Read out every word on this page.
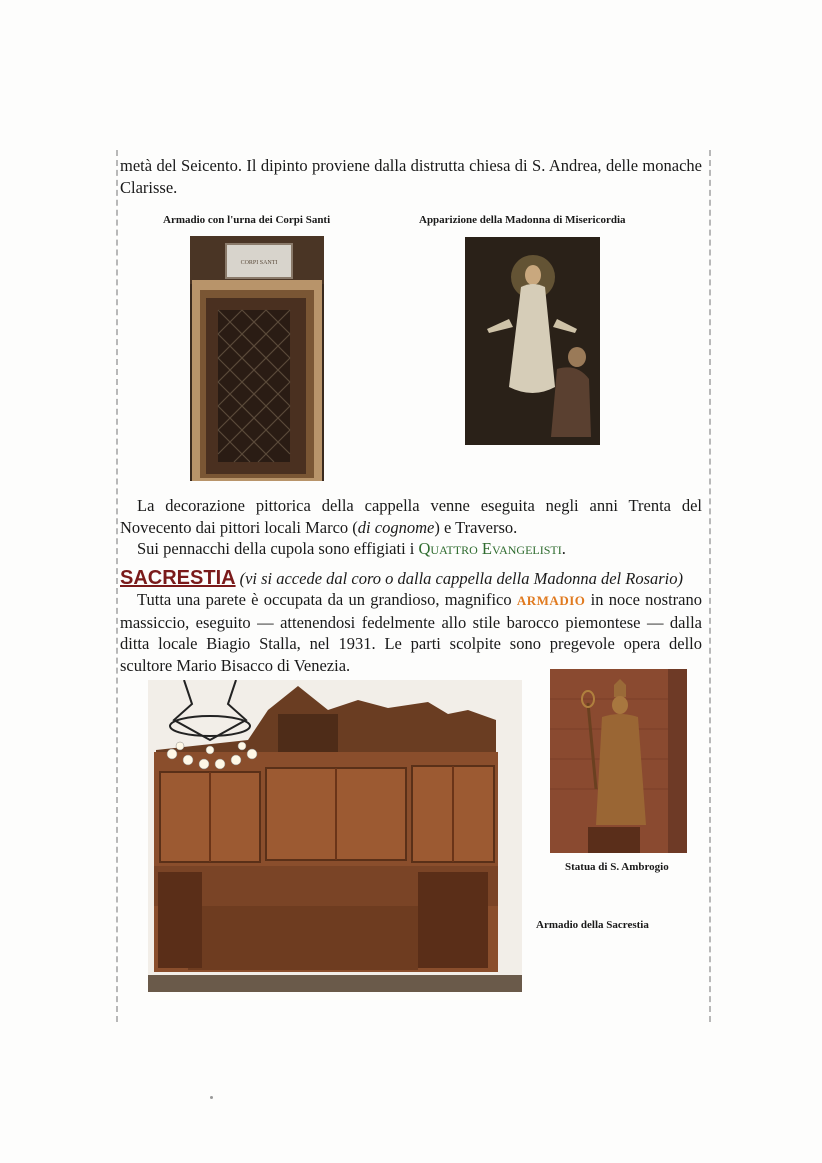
metà del Seicento. Il dipinto proviene dalla distrutta chiesa di S. Andrea, delle monache Clarisse.

Armadio con l'urna dei Corpi Santi	Apparizione della Madonna di Misericordia
CORPI SANTI

La decorazione pittorica della cappella venne eseguita negli anni Trenta del Novecento dai pittori locali Marco (di cognome) e Traverso.

Sui pennacchi della cupola sono effigiati i Quattro Evangelisti.

SACRESTIA (vi si accede dal coro o dalla cappella della Madonna del Rosario)

Tutta una parete è occupata da un grandioso, magnifico ARMADIO in noce nostrano massiccio, eseguito — attenendosi fedelmente allo stile barocco piemontese — dalla ditta locale Biagio Stalla, nel 1931. Le parti scolpite sono pregevole opera dello scultore Mario Bisacco di Venezia.

Statua di S. Ambrogio
Armadio della Sacrestia
